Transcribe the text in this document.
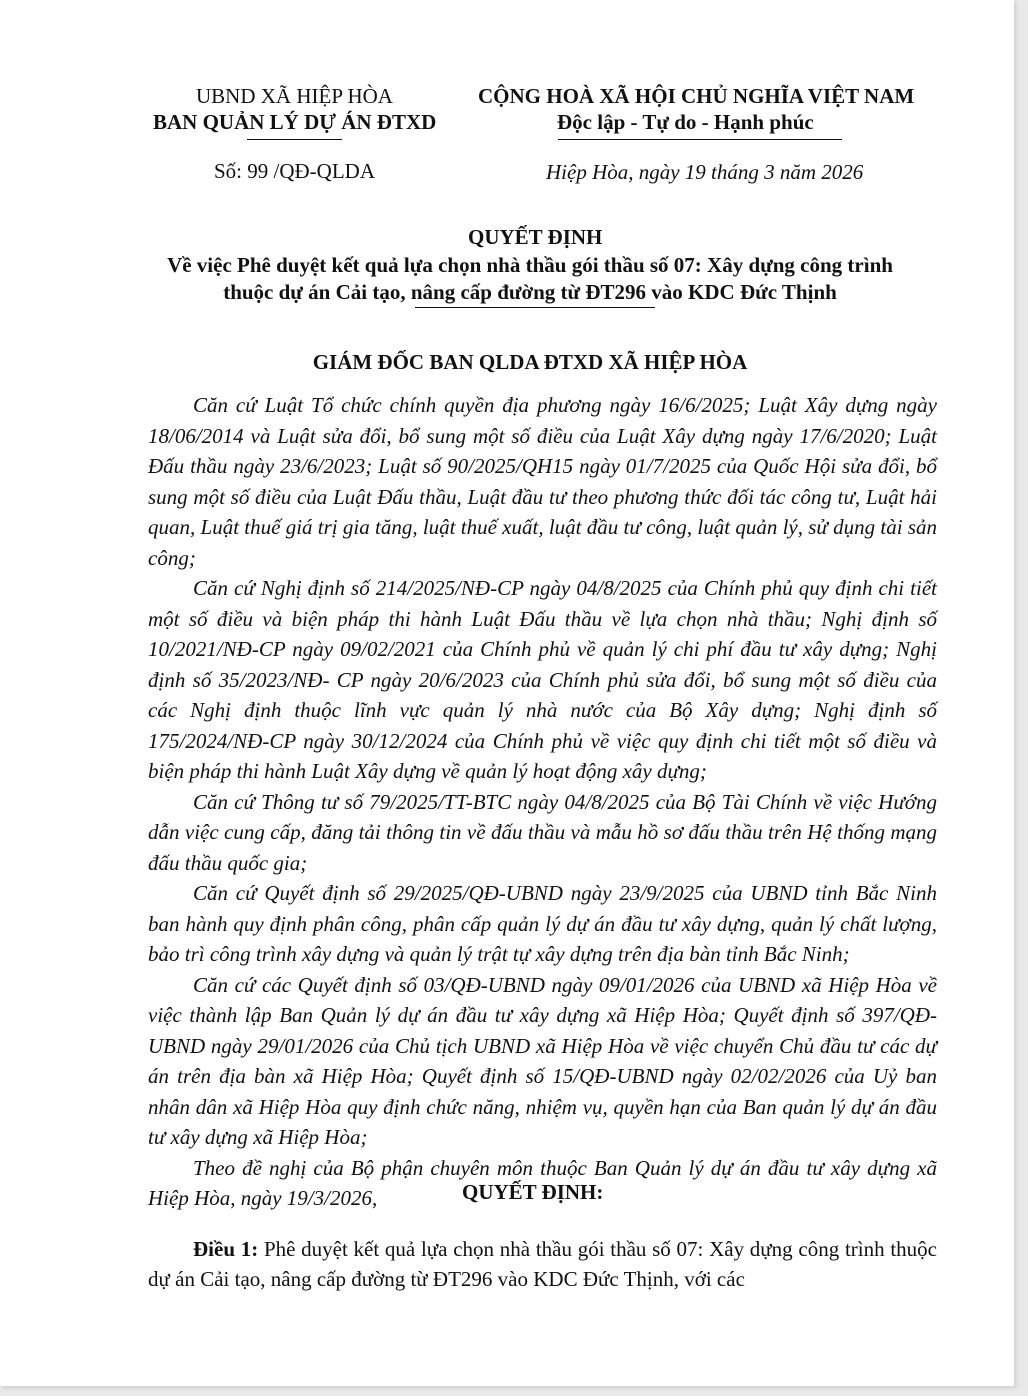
UBND XÃ HIỆP HÒA
BAN QUẢN LÝ DỰ ÁN ĐTXD
Số: 99 /QĐ-QLDA
CỘNG HOÀ XÃ HỘI CHỦ NGHĨA VIỆT NAM
Độc lập - Tự do - Hạnh phúc
Hiệp Hòa, ngày 19 tháng 3 năm 2026
QUYẾT ĐỊNH
Về việc Phê duyệt kết quả lựa chọn nhà thầu gói thầu số 07: Xây dựng công trình
thuộc dự án Cải tạo, nâng cấp đường từ ĐT296 vào KDC Đức Thịnh
GIÁM ĐỐC BAN QLDA ĐTXD XÃ HIỆP HÒA

Căn cứ Luật Tổ chức chính quyền địa phương ngày 16/6/2025; Luật Xây dựng ngày 18/06/2014 và Luật sửa đổi, bổ sung một số điều của Luật Xây dựng ngày 17/6/2020; Luật Đấu thầu ngày 23/6/2023; Luật số 90/2025/QH15 ngày 01/7/2025 của Quốc Hội sửa đổi, bổ sung một số điều của Luật Đấu thầu, Luật đầu tư theo phương thức đối tác công tư, Luật hải quan, Luật thuế giá trị gia tăng, luật thuế xuất, luật đầu tư công, luật quản lý, sử dụng tài sản công;

Căn cứ Nghị định số 214/2025/NĐ-CP ngày 04/8/2025 của Chính phủ quy định chi tiết một số điều và biện pháp thi hành Luật Đấu thầu về lựa chọn nhà thầu; Nghị định số 10/2021/NĐ-CP ngày 09/02/2021 của Chính phủ về quản lý chi phí đầu tư xây dựng; Nghị định số 35/2023/NĐ- CP ngày 20/6/2023 của Chính phủ sửa đổi, bổ sung một số điều của các Nghị định thuộc lĩnh vực quản lý nhà nước của Bộ Xây dựng; Nghị định số 175/2024/NĐ-CP ngày 30/12/2024 của Chính phủ về việc quy định chi tiết một số điều và biện pháp thi hành Luật Xây dựng về quản lý hoạt động xây dựng;

Căn cứ Thông tư số 79/2025/TT-BTC ngày 04/8/2025 của Bộ Tài Chính về việc Hướng dẫn việc cung cấp, đăng tải thông tin về đấu thầu và mẫu hồ sơ đấu thầu trên Hệ thống mạng đấu thầu quốc gia;

Căn cứ Quyết định số 29/2025/QĐ-UBND ngày 23/9/2025 của UBND tỉnh Bắc Ninh ban hành quy định phân công, phân cấp quản lý dự án đầu tư xây dựng, quản lý chất lượng, bảo trì công trình xây dựng và quản lý trật tự xây dựng trên địa bàn tỉnh Bắc Ninh;

Căn cứ các Quyết định số 03/QĐ-UBND ngày 09/01/2026 của UBND xã Hiệp Hòa về việc thành lập Ban Quản lý dự án đầu tư xây dựng xã Hiệp Hòa; Quyết định số 397/QĐ-UBND ngày 29/01/2026 của Chủ tịch UBND xã Hiệp Hòa về việc chuyển Chủ đầu tư các dự án trên địa bàn xã Hiệp Hòa; Quyết định số 15/QĐ-UBND ngày 02/02/2026 của Uỷ ban nhân dân xã Hiệp Hòa quy định chức năng, nhiệm vụ, quyền hạn của Ban quản lý dự án đầu tư xây dựng xã Hiệp Hòa;

Theo đề nghị của Bộ phận chuyên môn thuộc Ban Quản lý dự án đầu tư xây dựng xã Hiệp Hòa, ngày 19/3/2026,	QUYẾT ĐỊNH:

Điều 1: Phê duyệt kết quả lựa chọn nhà thầu gói thầu số 07: Xây dựng công trình thuộc dự án Cải tạo, nâng cấp đường từ ĐT296 vào KDC Đức Thịnh, với các
